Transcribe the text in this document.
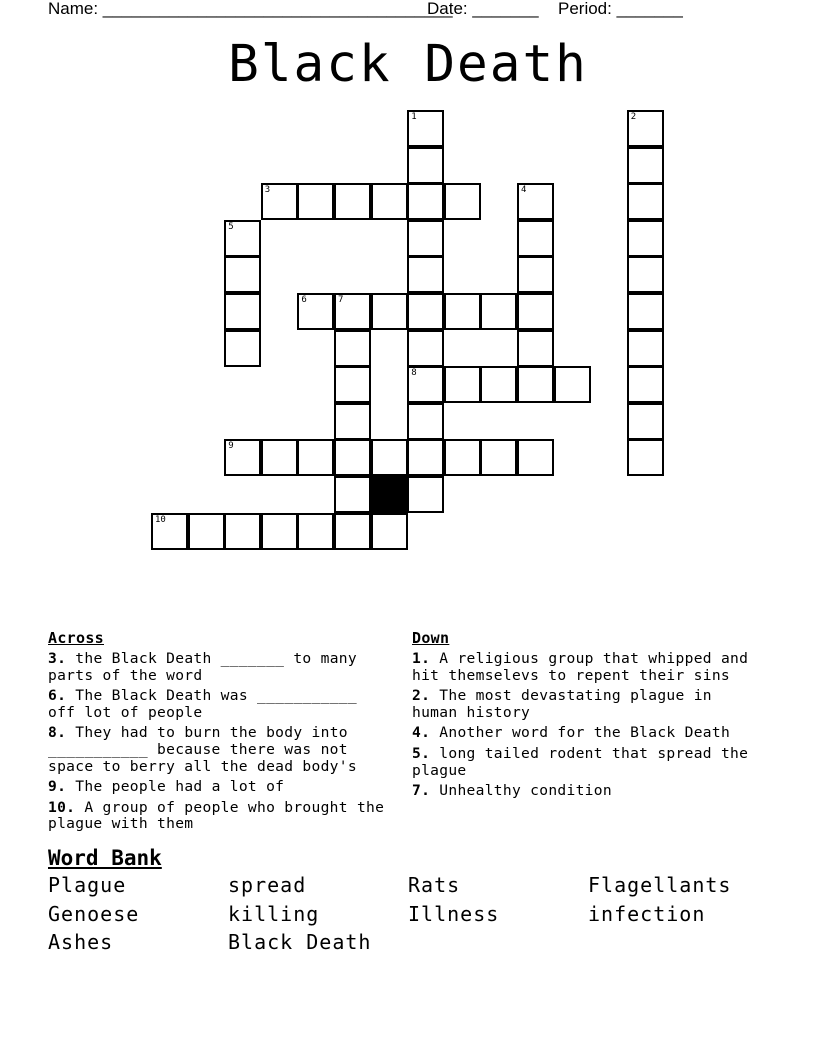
Name: _____________________________________
Date: _______ Period: _______
Black Death
1
8
2
3	4
5
6	7
9
10
Across
3. the Black Death _______ to many parts of the word
6. The Black Death was ___________ off lot of people
8. They had to burn the body into ___________ because there was not space to berry all the dead body's
9. The people had a lot of
10. A group of people who brought the plague with them
Down
1. A religious group that whipped and hit themselevs to repent their sins
2. The most devastating plague in human history
4. Another word for the Black Death
5. long tailed rodent that spread the plague
7. Unhealthy condition
Word Bank
Plague	spread	Rats	Flagellants
Genoese	killing	Illness	infection
Ashes	Black Death
